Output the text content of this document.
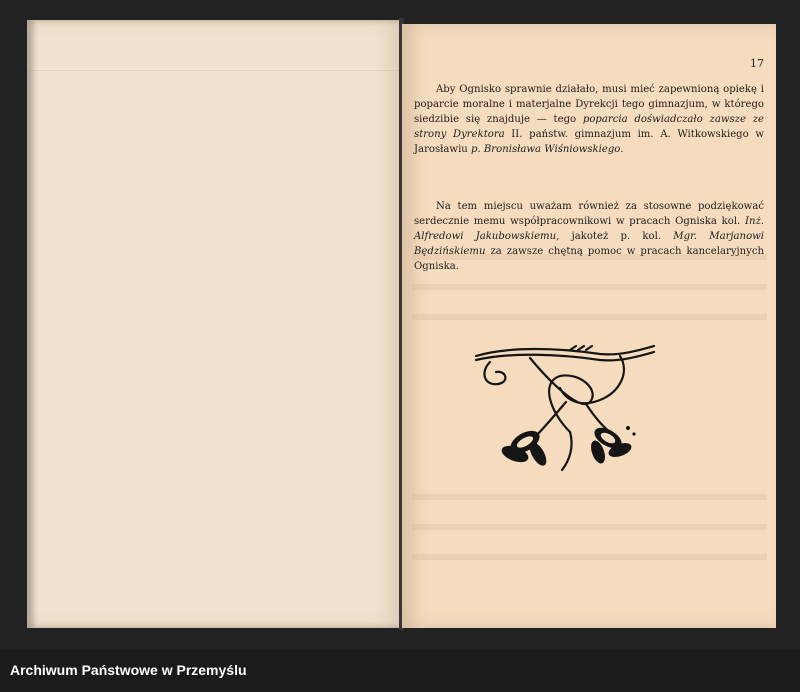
17
Aby Ognisko sprawnie działało, musi mieć zapewnioną opiekę i poparcie moralne i materjalne Dyrekcji tego gimnazjum, w którego siedzibie się znajduje — tego poparcia doświadczało zawsze ze strony Dyrektora II. państw. gimnazjum im. A. Witkowskiego w Jarosławiu p. Bronisława Wiśniowskiego.
Na tem miejscu uważam również za stosowne podziękować serdecznie memu współpracownikowi w pracach Ogniska kol. Inż. Alfredowi Jakubowskiemu, jakoteż p. kol. Mgr. Marjanowi Będzińskiemu za zawsze chętną pomoc w pracach kancelaryjnych Ogniska.
Archiwum Państwowe w Przemyślu
